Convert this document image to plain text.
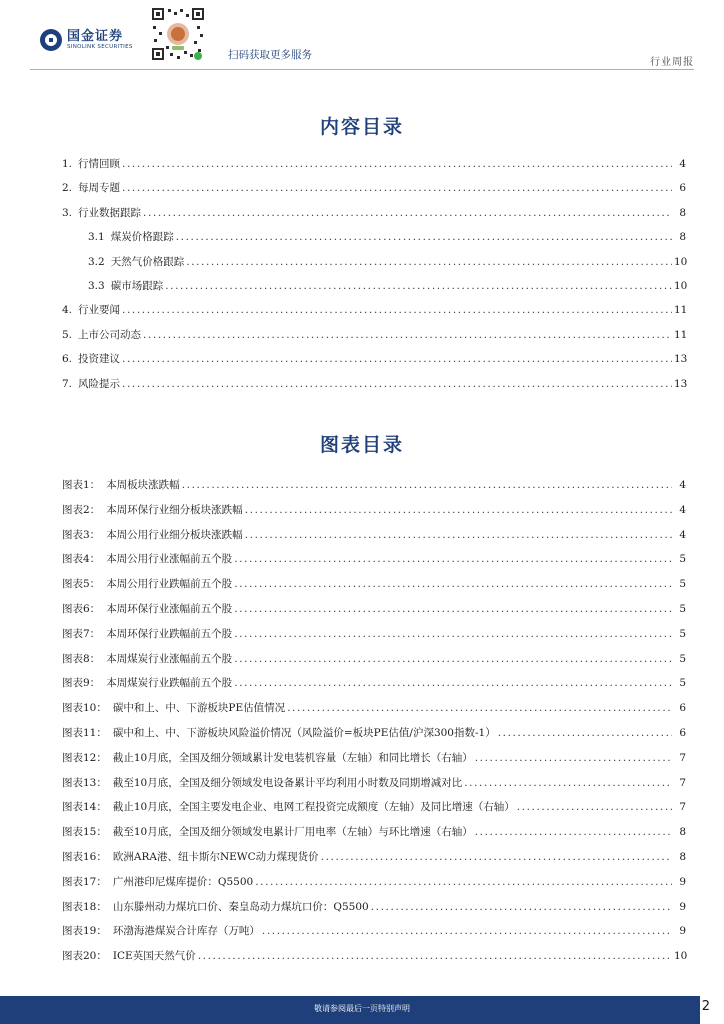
国金证券
SINOLINK SECURITIES
扫码获取更多服务
行业周报
内容目录
1. 行情回顾 .....	4
2. 每周专题 .....	6
3. 行业数据跟踪 .....	8
3.1 煤炭价格跟踪 .....	8
3.2 天然气价格跟踪 .....	10
3.3 碳市场跟踪 .....	10
4. 行业要闻 .....	11
5. 上市公司动态 .....	11
6. 投资建议 .....	13
7. 风险提示 .....	13
图表目录
图表1： 本周板块涨跌幅 .....	4
图表2： 本周环保行业细分板块涨跌幅 .....	4
图表3： 本周公用行业细分板块涨跌幅 .....	4
图表4： 本周公用行业涨幅前五个股 .....	5
图表5： 本周公用行业跌幅前五个股 .....	5
图表6： 本周环保行业涨幅前五个股 .....	5
图表7： 本周环保行业跌幅前五个股 .....	5
图表8： 本周煤炭行业涨幅前五个股 .....	5
图表9： 本周煤炭行业跌幅前五个股 .....	5
图表10： 碳中和上、中、下游板块PE估值情况 .....	6
图表11： 碳中和上、中、下游板块风险溢价情况（风险溢价=板块PE估值/沪深300指数-1） .....	6
图表12： 截止10月底，全国及细分领域累计发电装机容量（左轴）和同比增长（右轴） .....	7
图表13： 截至10月底，全国及细分领域发电设备累计平均利用小时数及同期增减对比 .....	7
图表14： 截止10月底，全国主要发电企业、电网工程投资完成额度（左轴）及同比增速（右轴） .....	7
图表15： 截至10月底，全国及细分领域发电累计厂用电率（左轴）与环比增速（右轴） .....	8
图表16： 欧洲ARA港、纽卡斯尔NEWC动力煤现货价 .....	8
图表17： 广州港印尼煤库提价：Q5500 .....	9
图表18： 山东滕州动力煤坑口价、秦皇岛动力煤坑口价：Q5500 .....	9
图表19： 环渤海港煤炭合计库存（万吨） .....	9
图表20： ICE英国天然气价 .....	10
敬请参阅最后一页特别声明	2
